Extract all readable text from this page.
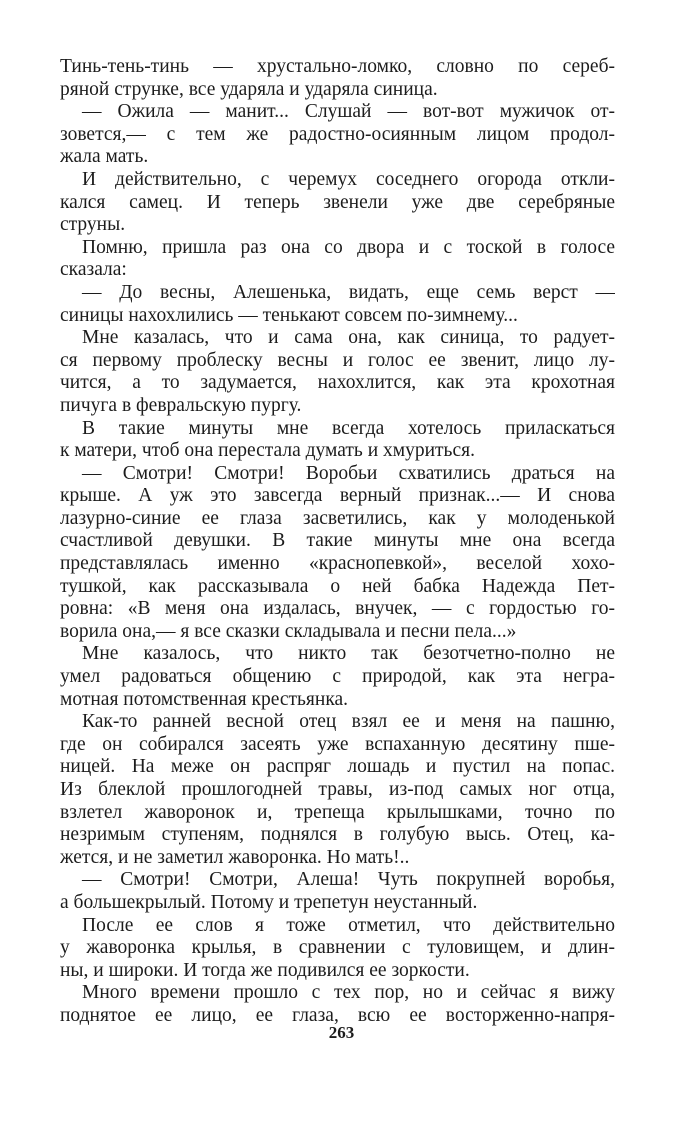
Тинь-тень-тинь — хрустально-ломко, словно по сереб-
ряной струнке, все ударяла и ударяла синица.
— Ожила — манит... Слушай — вот-вот мужичок от-
зовется,— с тем же радостно-осиянным лицом продол-
жала мать.
И действительно, с черемух соседнего огорода откли-
кался самец. И теперь звенели уже две серебряные
струны.
Помню, пришла раз она со двора и с тоской в голосе
сказала:
— До весны, Алешенька, видать, еще семь верст —
синицы нахохлились — тенькают совсем по-зимнему...
Мне казалась, что и сама она, как синица, то радует-
ся первому проблеску весны и голос ее звенит, лицо лу-
чится, а то задумается, нахохлится, как эта крохотная
пичуга в февральскую пургу.
В такие минуты мне всегда хотелось приласкаться
к матери, чтоб она перестала думать и хмуриться.
— Смотри! Смотри! Воробьи схватились драться на
крыше. А уж это завсегда верный признак...— И снова
лазурно-синие ее глаза засветились, как у молоденькой
счастливой девушки. В такие минуты мне она всегда
представлялась именно «краснопевкой», веселой хохо-
тушкой, как рассказывала о ней бабка Надежда Пет-
ровна: «В меня она издалась, внучек, — с гордостью го-
ворила она,— я все сказки складывала и песни пела...»
Мне казалось, что никто так безотчетно-полно не
умел радоваться общению с природой, как эта негра-
мотная потомственная крестьянка.
Как-то ранней весной отец взял ее и меня на пашню,
где он собирался засеять уже вспаханную десятину пше-
ницей. На меже он распряг лошадь и пустил на попас.
Из блеклой прошлогодней травы, из-под самых ног отца,
взлетел жаворонок и, трепеща крылышками, точно по
незримым ступеням, поднялся в голубую высь. Отец, ка-
жется, и не заметил жаворонка. Но мать!..
— Смотри! Смотри, Алеша! Чуть покрупней воробья,
а большекрылый. Потому и трепетун неустанный.
После ее слов я тоже отметил, что действительно
у жаворонка крылья, в сравнении с туловищем, и длин-
ны, и широки. И тогда же подивился ее зоркости.
Много времени прошло с тех пор, но и сейчас я вижу
поднятое ее лицо, ее глаза, всю ее восторженно-напря-
263
